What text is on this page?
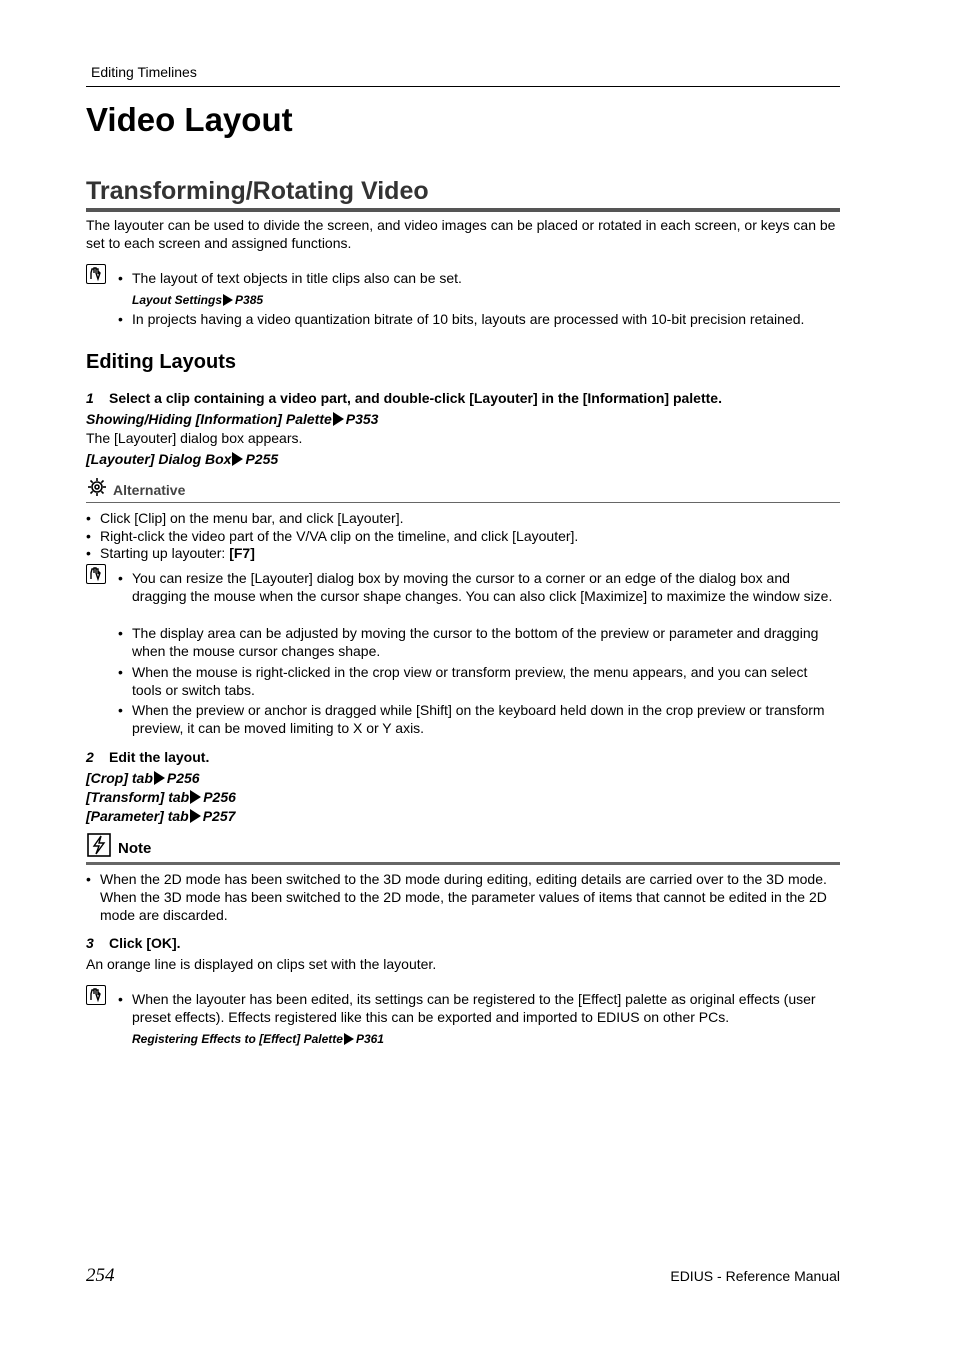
Editing Timelines
Video Layout
Transforming/Rotating Video
The layouter can be used to divide the screen, and video images can be placed or rotated in each screen, or keys can be set to each screen and assigned functions.
• The layout of text objects in title clips also can be set.
Layout Settings P385
• In projects having a video quantization bitrate of 10 bits, layouts are processed with 10-bit precision retained.
Editing Layouts
1 Select a clip containing a video part, and double-click [Layouter] in the [Information] palette.
Showing/Hiding [Information] Palette P353
The [Layouter] dialog box appears.
[Layouter] Dialog Box P255
Alternative
• Click [Clip] on the menu bar, and click [Layouter].
• Right-click the video part of the V/VA clip on the timeline, and click [Layouter].
• Starting up layouter: [F7]
• You can resize the [Layouter] dialog box by moving the cursor to a corner or an edge of the dialog box and dragging the mouse when the cursor shape changes. You can also click [Maximize] to maximize the window size.
• The display area can be adjusted by moving the cursor to the bottom of the preview or parameter and dragging when the mouse cursor changes shape.
• When the mouse is right-clicked in the crop view or transform preview, the menu appears, and you can select tools or switch tabs.
• When the preview or anchor is dragged while [Shift] on the keyboard held down in the crop preview or transform preview, it can be moved limiting to X or Y axis.
2 Edit the layout.
[Crop] tab P256
[Transform] tab P256
[Parameter] tab P257
Note
• When the 2D mode has been switched to the 3D mode during editing, editing details are carried over to the 3D mode. When the 3D mode has been switched to the 2D mode, the parameter values of items that cannot be edited in the 2D mode are discarded.
3 Click [OK].
An orange line is displayed on clips set with the layouter.
• When the layouter has been edited, its settings can be registered to the [Effect] palette as original effects (user preset effects). Effects registered like this can be exported and imported to EDIUS on other PCs.
Registering Effects to [Effect] Palette P361
254	EDIUS - Reference Manual
